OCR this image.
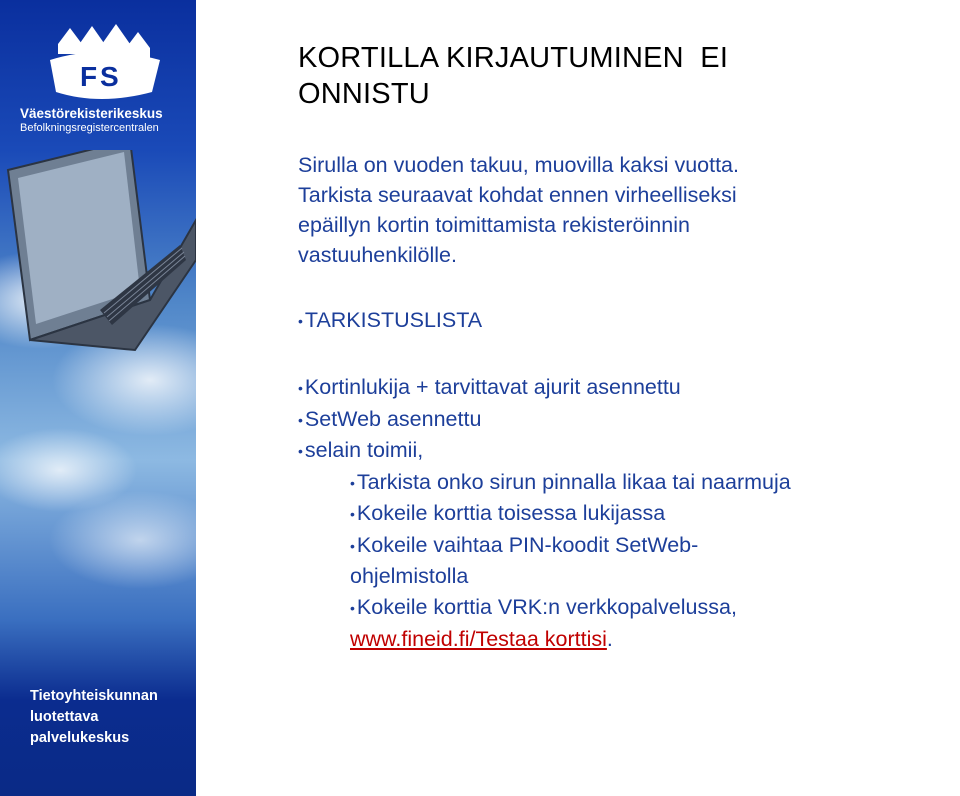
F S
Väestörekisterikeskus
Befolkningsregistercentralen
Tietoyhteiskunnan
luotettava
palvelukeskus
KORTILLA KIRJAUTUMINEN  EI
ONNISTU
Sirulla on vuoden takuu, muovilla kaksi vuotta.
Tarkista seuraavat kohdat ennen virheelliseksi
epäillyn kortin toimittamista rekisteröinnin
vastuuhenkilölle.
•TARKISTUSLISTA
•Kortinlukija + tarvittavat ajurit asennettu
•SetWeb asennettu
•selain toimii,
•Tarkista onko sirun pinnalla likaa tai naarmuja
•Kokeile korttia toisessa lukijassa
•Kokeile vaihtaa PIN-koodit SetWeb-
ohjelmistolla
•Kokeile korttia VRK:n verkkopalvelussa,
www.fineid.fi/Testaa korttisi.
